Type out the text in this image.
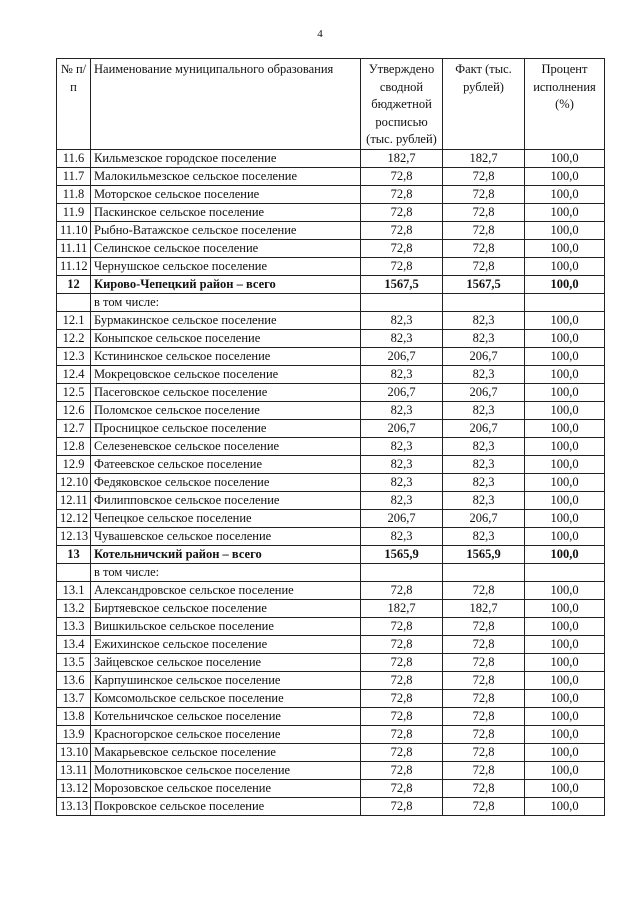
4
№ п/п	Наименование муниципального образования	Утверждено сводной бюджетной росписью (тыс. рублей)	Факт (тыс. рублей)	Процент исполнения (%)
11.6	Кильмезское городское поселение	182,7	182,7	100,0
11.7	Малокильмезское сельское поселение	72,8	72,8	100,0
11.8	Моторское сельское поселение	72,8	72,8	100,0
11.9	Паскинское сельское поселение	72,8	72,8	100,0
11.10	Рыбно-Ватажское сельское поселение	72,8	72,8	100,0
11.11	Селинское сельское поселение	72,8	72,8	100,0
11.12	Чернушское сельское поселение	72,8	72,8	100,0
12	Кирово-Чепецкий район – всего	1567,5	1567,5	100,0
	в том числе:			
12.1	Бурмакинское сельское поселение	82,3	82,3	100,0
12.2	Коныпское сельское поселение	82,3	82,3	100,0
12.3	Кстининское сельское поселение	206,7	206,7	100,0
12.4	Мокрецовское сельское поселение	82,3	82,3	100,0
12.5	Пасеговское сельское поселение	206,7	206,7	100,0
12.6	Поломское сельское поселение	82,3	82,3	100,0
12.7	Просницкое сельское поселение	206,7	206,7	100,0
12.8	Селезеневское сельское поселение	82,3	82,3	100,0
12.9	Фатеевское сельское поселение	82,3	82,3	100,0
12.10	Федяковское сельское поселение	82,3	82,3	100,0
12.11	Филипповское сельское поселение	82,3	82,3	100,0
12.12	Чепецкое сельское поселение	206,7	206,7	100,0
12.13	Чувашевское сельское поселение	82,3	82,3	100,0
13	Котельничский район – всего	1565,9	1565,9	100,0
	в том числе:			
13.1	Александровское сельское поселение	72,8	72,8	100,0
13.2	Биртяевское сельское поселение	182,7	182,7	100,0
13.3	Вишкильское сельское поселение	72,8	72,8	100,0
13.4	Ежихинское сельское поселение	72,8	72,8	100,0
13.5	Зайцевское сельское поселение	72,8	72,8	100,0
13.6	Карпушинское сельское поселение	72,8	72,8	100,0
13.7	Комсомольское сельское поселение	72,8	72,8	100,0
13.8	Котельничское сельское поселение	72,8	72,8	100,0
13.9	Красногорское сельское поселение	72,8	72,8	100,0
13.10	Макарьевское сельское поселение	72,8	72,8	100,0
13.11	Молотниковское сельское поселение	72,8	72,8	100,0
13.12	Морозовское сельское поселение	72,8	72,8	100,0
13.13	Покровское сельское поселение	72,8	72,8	100,0
